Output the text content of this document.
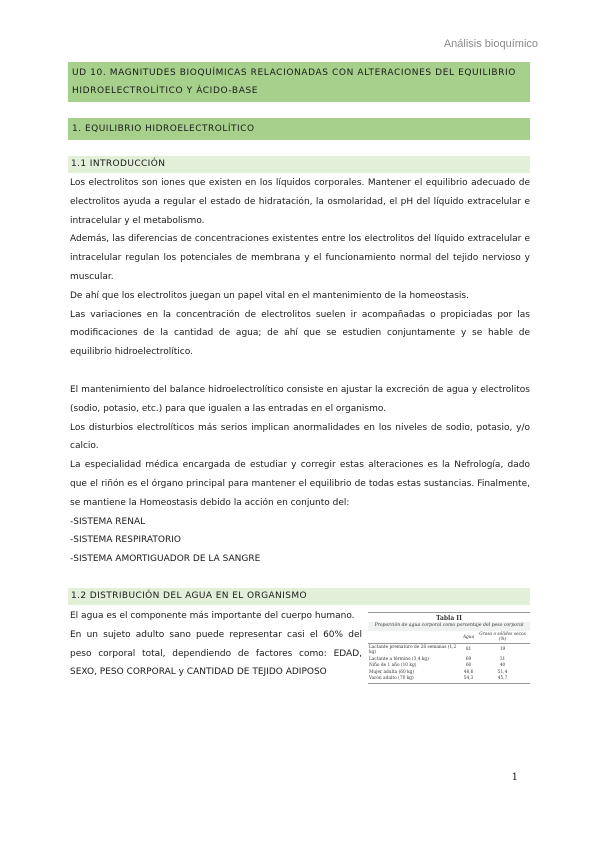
Análisis bioquímico
UD 10. MAGNITUDES BIOQUÍMICAS RELACIONADAS CON ALTERACIONES DEL EQUILIBRIO HIDROELECTROLÍTICO Y ÁCIDO-BASE
1. EQUILIBRIO HIDROELECTROLÍTICO
1.1 INTRODUCCIÓN

Los electrolitos son iones que existen en los líquidos corporales. Mantener el equilibrio adecuado de electrolitos ayuda a regular el estado de hidratación, la osmolaridad, el pH del líquido extracelular e intracelular y el metabolismo.

Además, las diferencias de concentraciones existentes entre los electrolitos del líquido extracelular e intracelular regulan los potenciales de membrana y el funcionamiento normal del tejido nervioso y muscular.

De ahí que los electrolitos juegan un papel vital en el mantenimiento de la homeostasis.

Las variaciones en la concentración de electrolitos suelen ir acompañadas o propiciadas por las modificaciones de la cantidad de agua; de ahí que se estudien conjuntamente y se hable de equilibrio hidroelectrolítico.

El mantenimiento del balance hidroelectrolítico consiste en ajustar la excreción de agua y electrolitos (sodio, potasio, etc.) para que igualen a las entradas en el organismo.

Los disturbios electrolíticos más serios implican anormalidades en los niveles de sodio, potasio, y/o calcio.

La especialidad médica encargada de estudiar y corregir estas alteraciones es la Nefrología, dado que el riñón es el órgano principal para mantener el equilibrio de todas estas sustancias. Finalmente, se mantiene la Homeostasis debido la acción en conjunto del:

-SISTEMA RENAL

-SISTEMA RESPIRATORIO

-SISTEMA AMORTIGUADOR DE LA SANGRE

1.2 DISTRIBUCIÓN DEL AGUA EN EL ORGANISMO

El agua es el componente más importante del cuerpo humano.

En un sujeto adulto sano puede representar casi el 60% del peso corporal total, dependiendo de factores como: EDAD, SEXO, PESO CORPORAL y CANTIDAD DE TEJIDO ADIPOSO

Tabla II
Proporción de agua corporal como porcentaje del peso corporal
	Agua	Grasa o sólidos secos (%)
Lactante prematuro de 28 semanas (1,2 kg)	81	19
Lactante a término (3,4 kg)	69	31
Niño de 1 año (10 kg)	60	40
Mujer adulta (60 kg)	48,6	51,4
Varón adulto (70 kg)	54,3	45,7
1
